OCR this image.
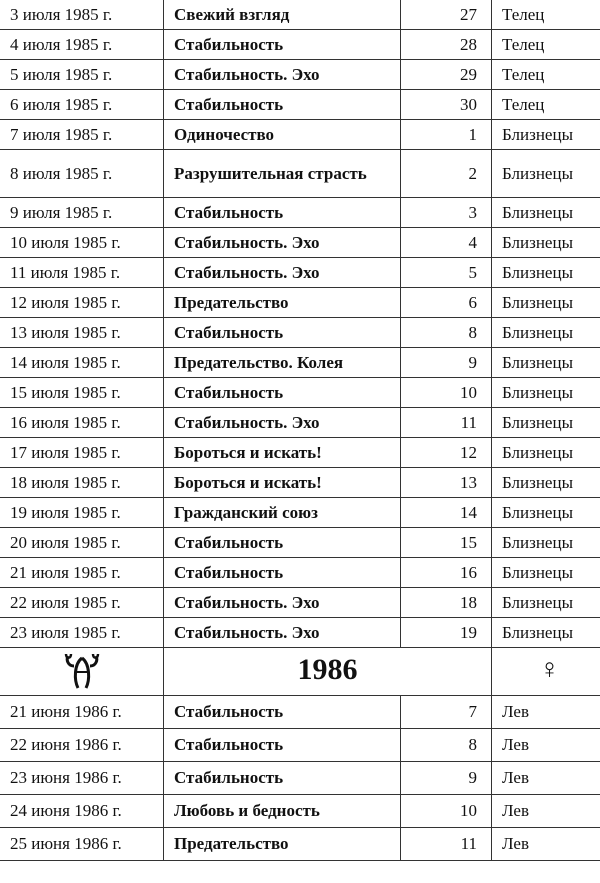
3 июля 1985 г.	Свежий взгляд	27	Телец
4 июля 1985 г.	Стабильность	28	Телец
5 июля 1985 г.	Стабильность. Эхо	29	Телец
6 июля 1985 г.	Стабильность	30	Телец
7 июля 1985 г.	Одиночество	1	Близнецы
8 июля 1985 г.	Разрушительная страсть	2	Близнецы
9 июля 1985 г.	Стабильность	3	Близнецы
10 июля 1985 г.	Стабильность. Эхо	4	Близнецы
11 июля 1985 г.	Стабильность. Эхо	5	Близнецы
12 июля 1985 г.	Предательство	6	Близнецы
13 июля 1985 г.	Стабильность	8	Близнецы
14 июля 1985 г.	Предательство. Колея	9	Близнецы
15 июля 1985 г.	Стабильность	10	Близнецы
16 июля 1985 г.	Стабильность. Эхо	11	Близнецы
17 июля 1985 г.	Бороться и искать!	12	Близнецы
18 июля 1985 г.	Бороться и искать!	13	Близнецы
19 июля 1985 г.	Гражданский союз	14	Близнецы
20 июля 1985 г.	Стабильность	15	Близнецы
21 июля 1985 г.	Стабильность	16	Близнецы
22 июля 1985 г.	Стабильность. Эхо	18	Близнецы
23 июля 1985 г.	Стабильность. Эхо	19	Близнецы
	1986		♀
21 июня 1986 г.	Стабильность	7	Лев
22 июня 1986 г.	Стабильность	8	Лев
23 июня 1986 г.	Стабильность	9	Лев
24 июня 1986 г.	Любовь и бедность	10	Лев
25 июня 1986 г.	Предательство	11	Лев
